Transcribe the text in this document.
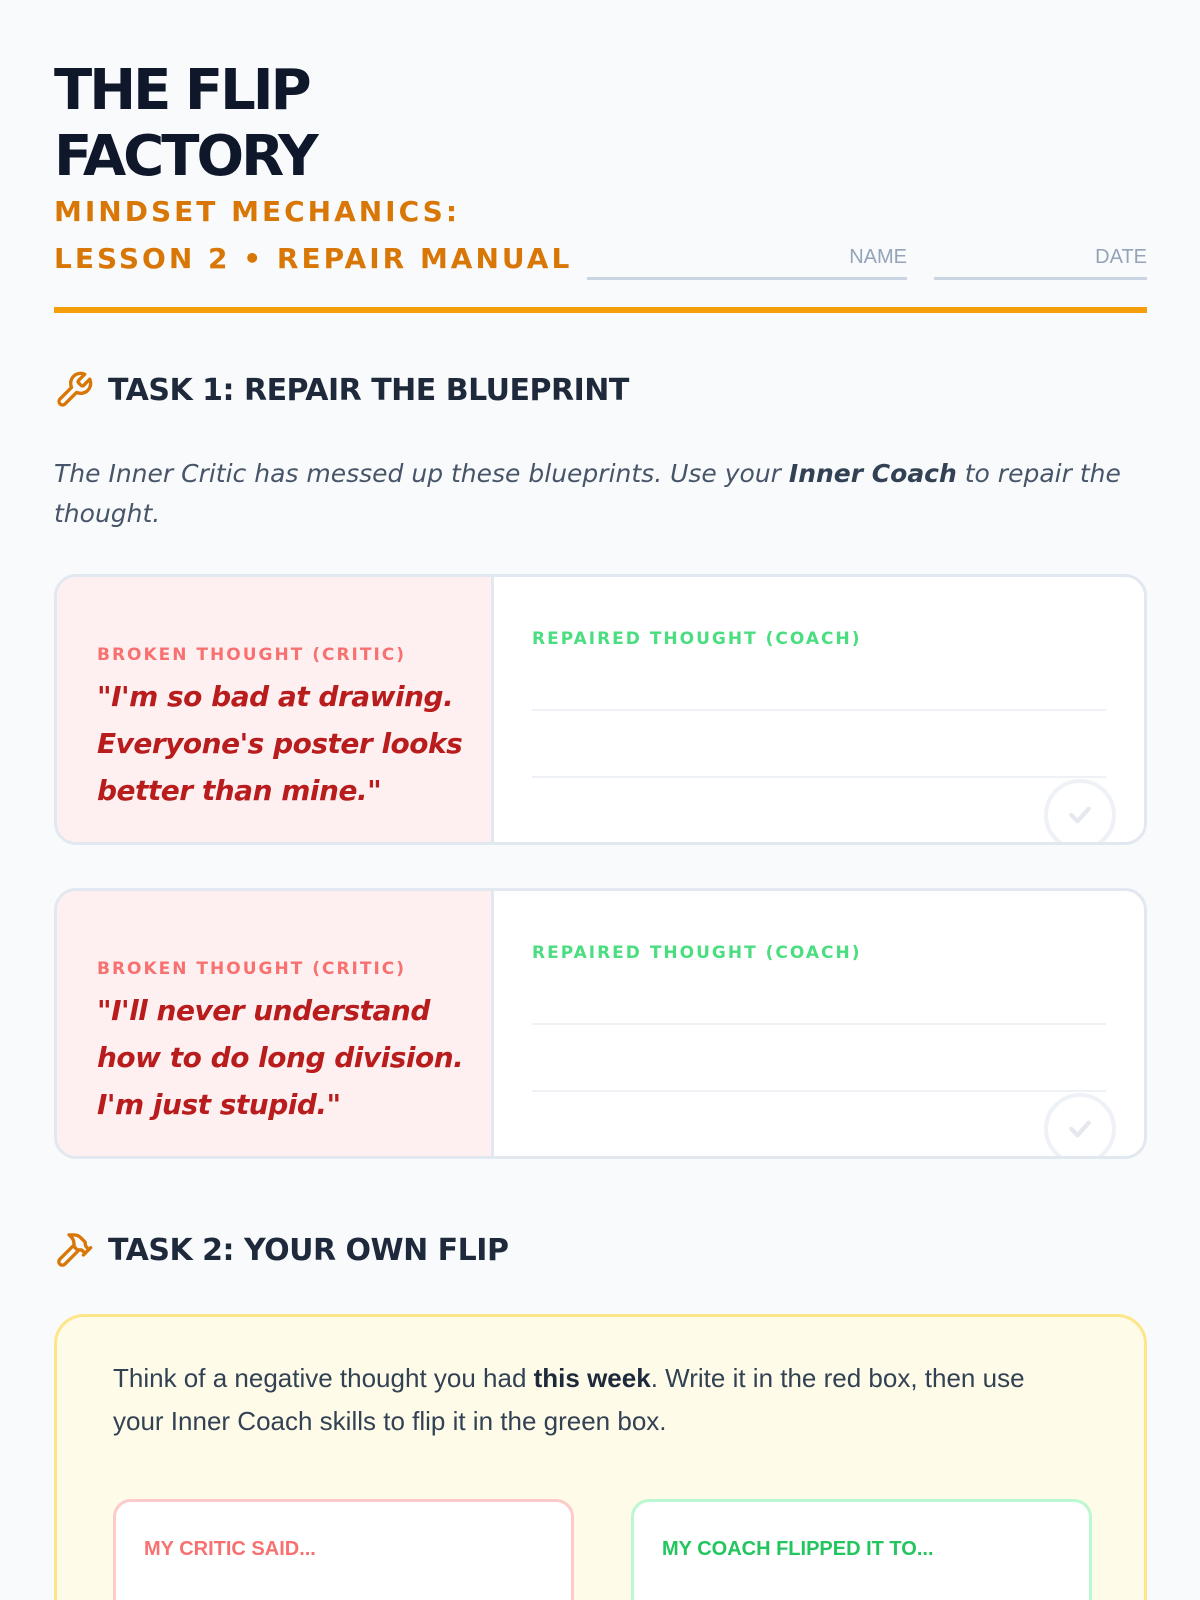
THE FLIP
FACTORY
MINDSET MECHANICS:
LESSON 2 • REPAIR MANUAL	NAME	DATE
TASK 1: REPAIR THE BLUEPRINT

The Inner Critic has messed up these blueprints. Use your Inner Coach to repair the thought.

BROKEN THOUGHT (CRITIC)
"I'm so bad at drawing. Everyone's poster looks better than mine."
REPAIRED THOUGHT (COACH)
BROKEN THOUGHT (CRITIC)
"I'll never understand how to do long division. I'm just stupid."
REPAIRED THOUGHT (COACH)
TASK 2: YOUR OWN FLIP

Think of a negative thought you had this week. Write it in the red box, then use your Inner Coach skills to flip it in the green box.

MY CRITIC SAID...	MY COACH FLIPPED IT TO...
